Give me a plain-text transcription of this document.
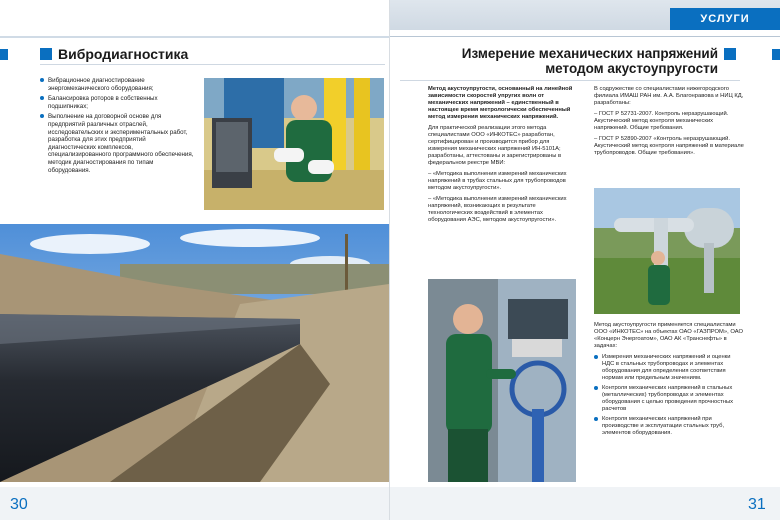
УСЛУГИ
Вибродиагностика
Вибрационное диагностирование энергомеханического оборудования;
Балансировка роторов в собственных подшипниках;
Выполнение на договорной основе для предприятий различных отраслей, исследовательских и экспериментальных работ, разработка для этих предприятий диагностических комплексов, специализированного программного обеспечения, методик диагностирования по типам оборудования.
30
Измерение механических напряжений
методом акустоупругости

Метод акустоупругости, основанный на линейной зависимости скоростей упругих волн от механических напряжений – единственный в настоящее время метрологически обеспеченный метод измерения механических напряжений.

Для практической реализации этого метода специалистами ООО «ИНКОТЕС» разработан, сертифицирован и производится прибор для измерения механических напряжений ИН-5101А; разработаны, аттестованы и зарегистрированы в федеральном реестре МВИ:

– «Методика выполнения измерений механических напряжений в трубах стальных для трубопроводов методом акустоупругости».

– «Методика выполнения измерений механических напряжений, возникающих в результате технологических воздействий в элементах оборудования АЭС, методом акустоупругости».

В содружестве со специалистами нижегородского филиала ИМАШ РАН им. А.А. Благонравова и НИЦ КД, разработаны:

– ГОСТ Р 52731-2007. Контроль неразрушающий. Акустический метод контроля механических напряжений. Общие требования.

– ГОСТ Р 52890-2007 «Контроль неразрушающий. Акустический метод контроля напряжений в материале трубопроводов. Общие требования».

Метод акустоупругости применяется специалистами ООО «ИНКОТЕС» на объектах ОАО «ГАЗПРОМ», ОАО «Концерн Энергоатом», ОАО АК «Транснефть» в задачах:

Измерения механических напряжений и оценки НДС в стальных трубопроводах и элементах оборудования для определения соответствия нормам или предельным значениям.
Контроля механических напряжений в стальных (металлических) трубопроводах и элементах оборудования с целью проведения прочностных расчетов
Контроля механических напряжений при производстве и эксплуатации стальных труб, элементов оборудования.
31
